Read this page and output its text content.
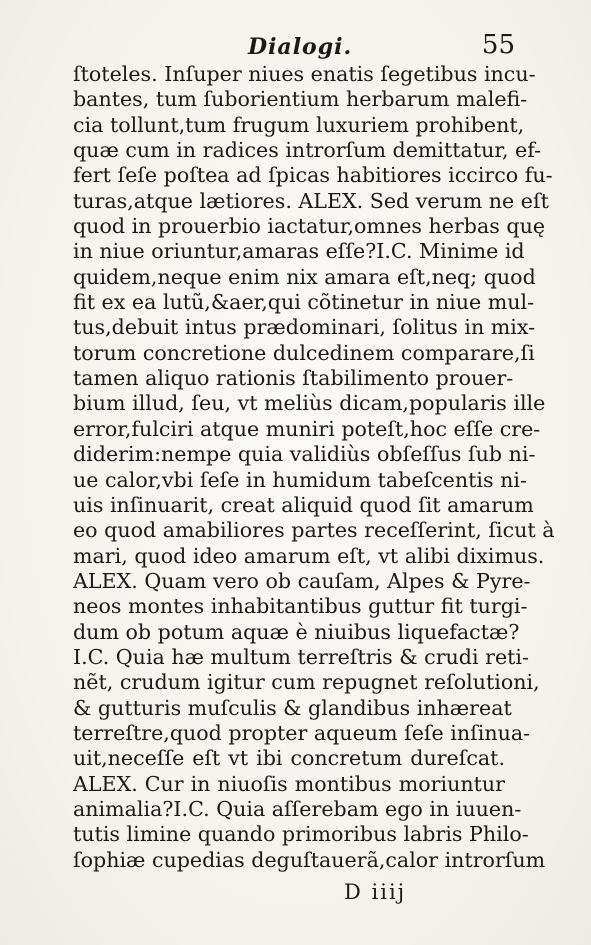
Dialogi.	55
ſtoteles. Inſuper niues enatis ſegetibus incu-
bantes, tum ſuborientium herbarum malefi-
cia tollunt,tum frugum luxuriem prohibent,
quæ cum in radices introrſum demittatur, ef-
fert ſeſe poſtea ad ſpicas habitiores iccirco fu-
turas,atque lætiores. ALEX. Sed verum ne eſt
quod in prouerbio iactatur,omnes herbas quę
in niue oriuntur,amaras eſſe?I.C. Minime id
quidem,neque enim nix amara eſt,neq; quod
fit ex ea lutũ,&aer,qui cõtinetur in niue mul-
tus,debuit intus prædominari, ſolitus in mix-
torum concretione dulcedinem comparare,ſi
tamen aliquo rationis ſtabilimento prouer-
bium illud, ſeu, vt meliùs dicam,popularis ille
error,fulciri atque muniri poteſt,hoc eſſe cre-
diderim:nempe quia validiùs obſeſſus ſub ni-
ue calor,vbi ſeſe in humidum tabeſcentis ni-
uis inſinuarit, creat aliquid quod ſit amarum
eo quod amabiliores partes receſſerint, ſicut à
mari, quod ideo amarum eſt, vt alibi diximus.
ALEX. Quam vero ob cauſam, Alpes & Pyre-
neos montes inhabitantibus guttur fit turgi-
dum ob potum aquæ è niuibus liquefactæ?
I.C. Quia hæ multum terreſtris & crudi reti-
nẽt, crudum igitur cum repugnet reſolutioni,
& gutturis muſculis & glandibus inhæreat
terreſtre,quod propter aqueum ſeſe inſinua-
uit,neceſſe eſt vt ibi concretum dureſcat.
ALEX. Cur in niuoſis montibus moriuntur
animalia?I.C. Quia aſſerebam ego in iuuen-
tutis limine quando primoribus labris Philo-
ſophiæ cupedias deguſtauerã,calor introrſum
D iiij
